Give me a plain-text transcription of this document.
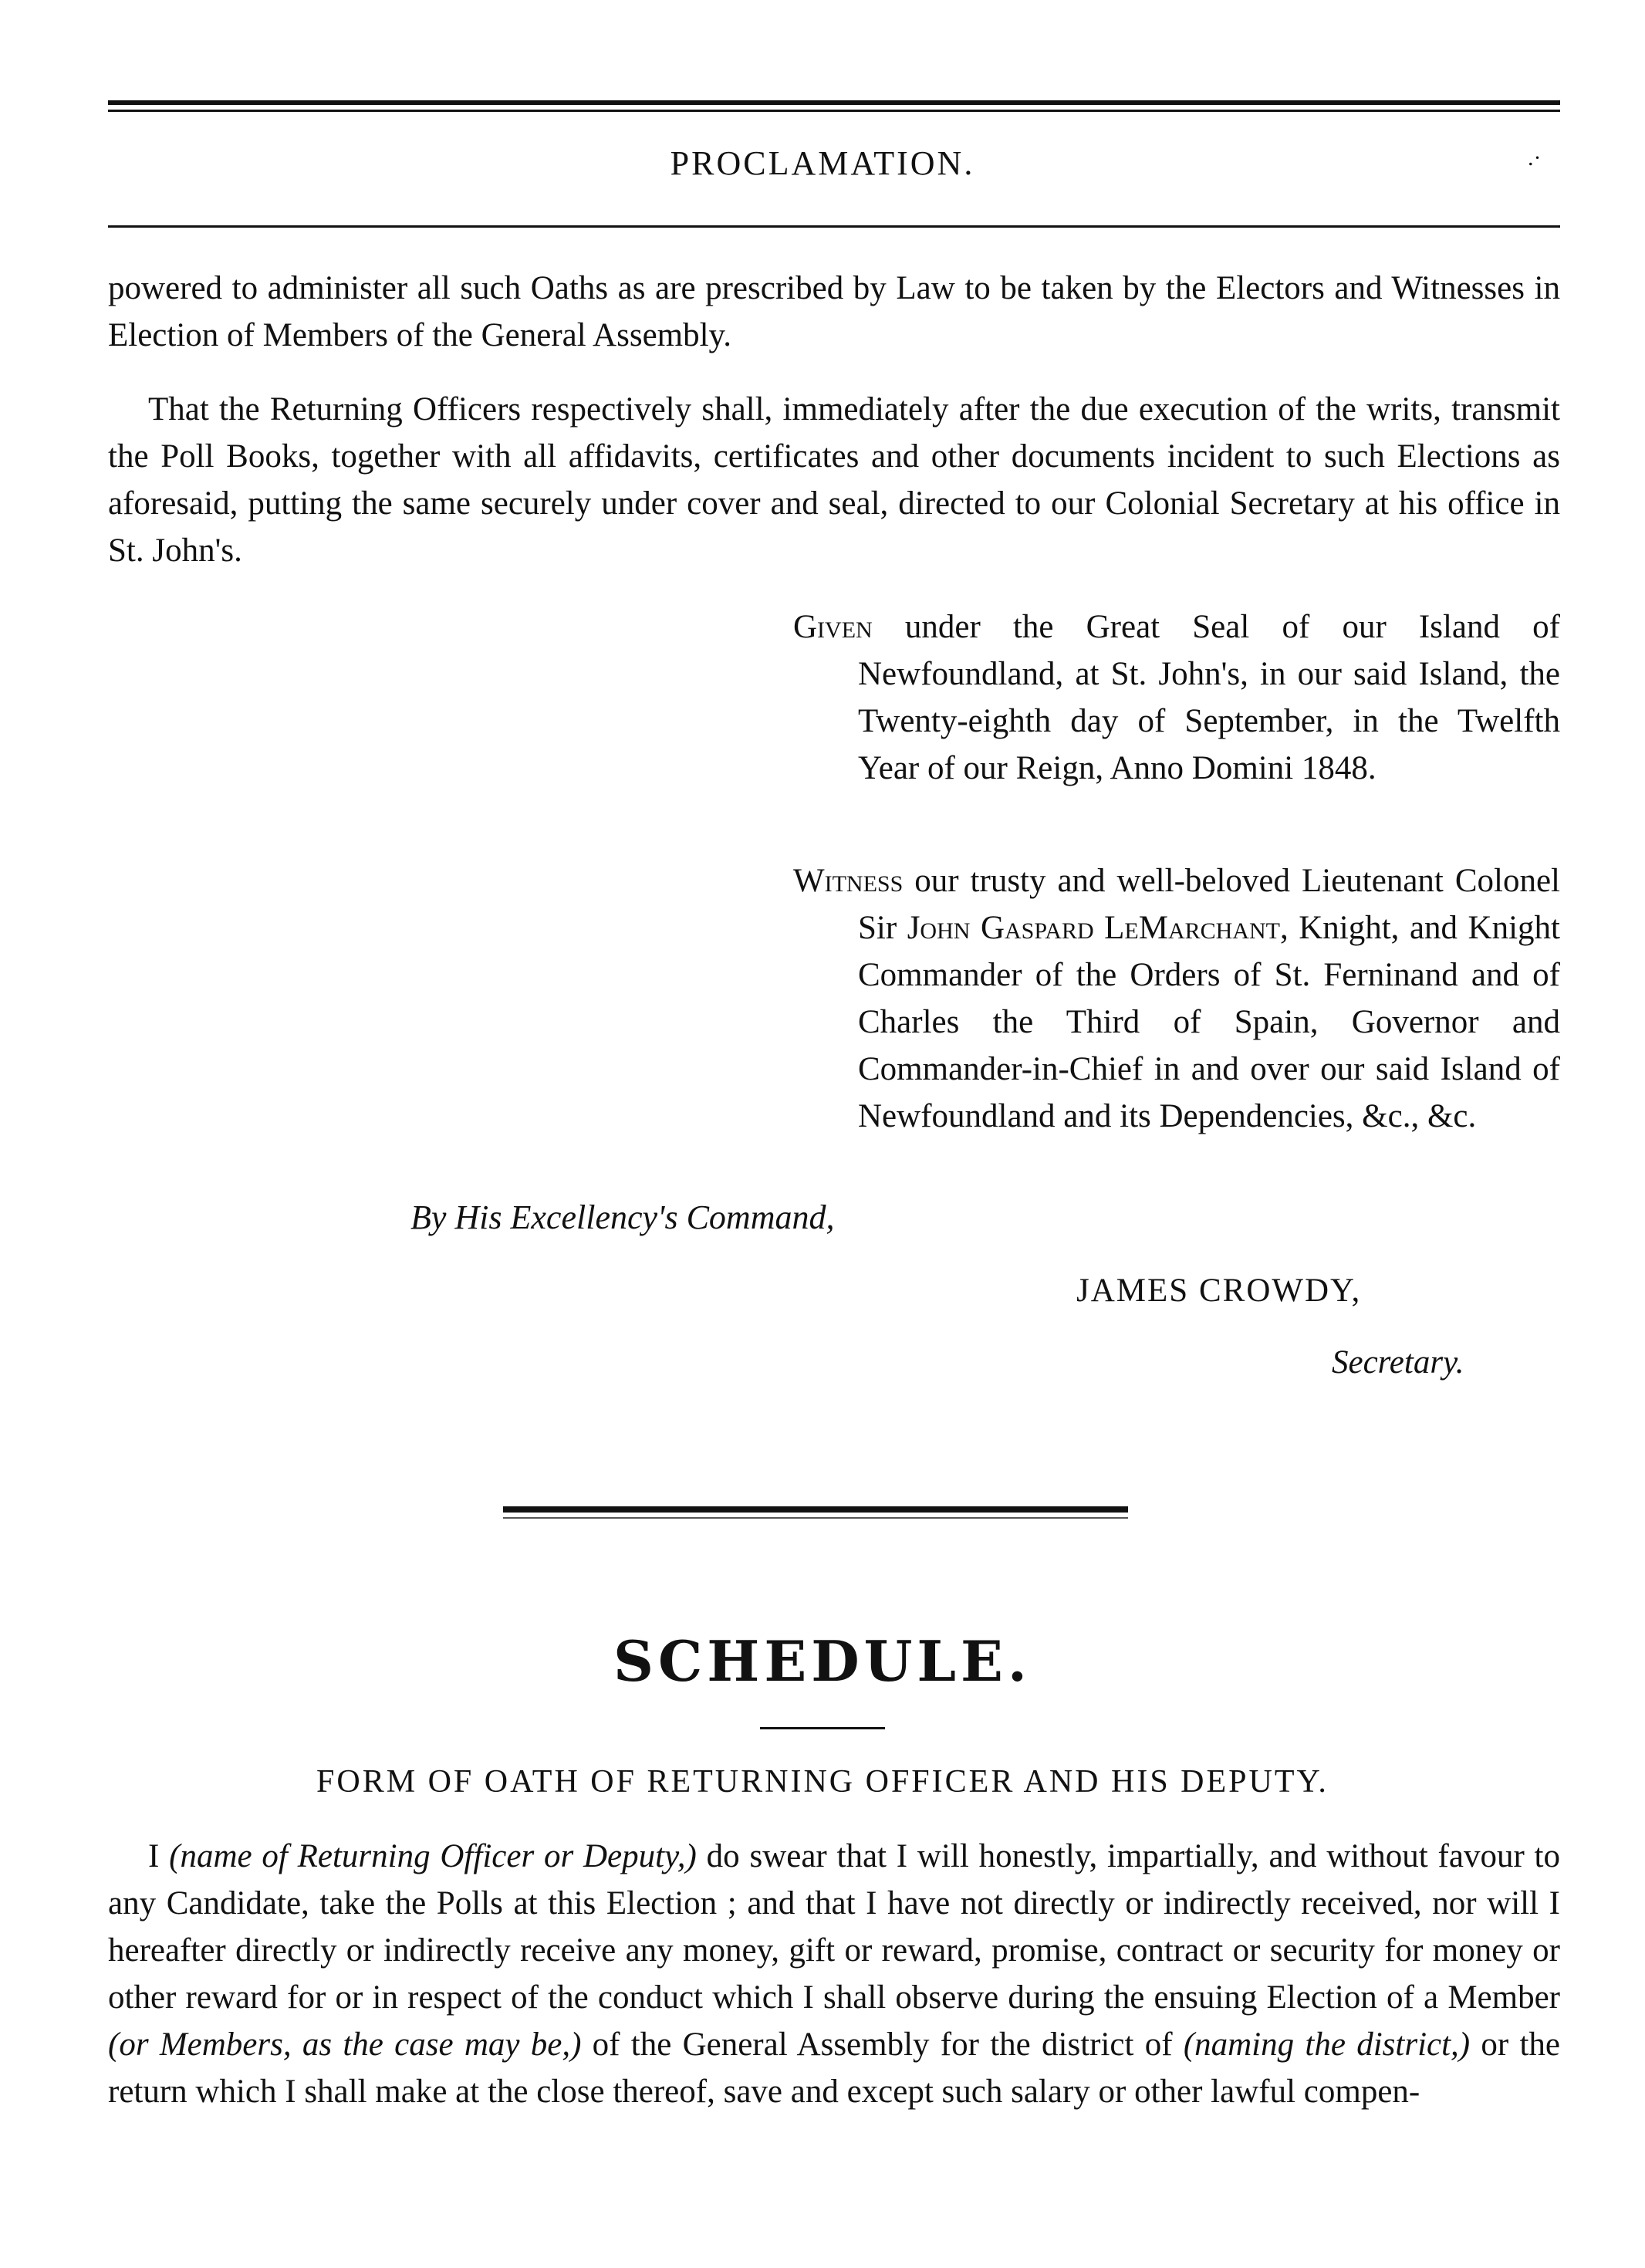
PROCLAMATION.	.·

powered to administer all such Oaths as are prescribed by Law to be taken by the Electors and Witnesses in Election of Members of the General Assembly.

That the Returning Officers respectively shall, immediately after the due execution of the writs, transmit the Poll Books, together with all affidavits, certificates and other documents incident to such Elections as aforesaid, putting the same securely under cover and seal, directed to our Colonial Secretary at his office in St. John's.

Given under the Great Seal of our Island of Newfoundland, at St. John's, in our said Island, the Twenty-eighth day of September, in the Twelfth Year of our Reign, Anno Domini 1848.

Witness our trusty and well-beloved Lieutenant Colonel Sir John Gaspard LeMarchant, Knight, and Knight Commander of the Orders of St. Ferninand and of Charles the Third of Spain, Governor and Commander-in-Chief in and over our said Island of Newfoundland and its Dependencies, &c., &c.

By His Excellency's Command,
JAMES CROWDY,
Secretary.
SCHEDULE.
FORM OF OATH OF RETURNING OFFICER AND HIS DEPUTY.

I (name of Returning Officer or Deputy,) do swear that I will honestly, impartially, and without favour to any Candidate, take the Polls at this Election ; and that I have not directly or indirectly received, nor will I hereafter directly or indirectly receive any money, gift or reward, promise, contract or security for money or other reward for or in respect of the conduct which I shall observe during the ensuing Election of a Member (or Members, as the case may be,) of the General Assembly for the district of (naming the district,) or the return which I shall make at the close thereof, save and except such salary or other lawful compen-
